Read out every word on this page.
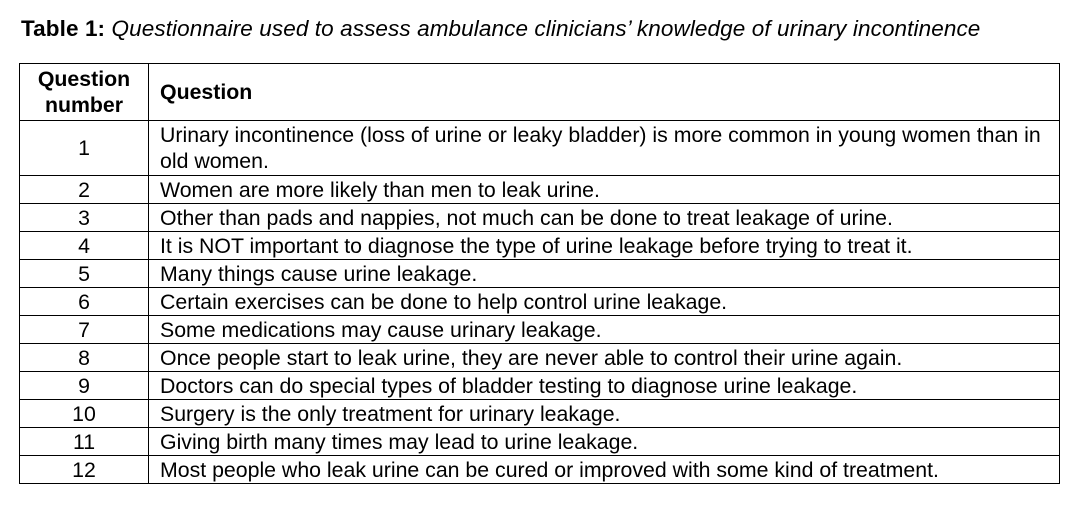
Table 1: Questionnaire used to assess ambulance clinicians’ knowledge of urinary incontinence
Question
number	Question
1	Urinary incontinence (loss of urine or leaky bladder) is more common in young women than in old women.
2	Women are more likely than men to leak urine.
3	Other than pads and nappies, not much can be done to treat leakage of urine.
4	It is NOT important to diagnose the type of urine leakage before trying to treat it.
5	Many things cause urine leakage.
6	Certain exercises can be done to help control urine leakage.
7	Some medications may cause urinary leakage.
8	Once people start to leak urine, they are never able to control their urine again.
9	Doctors can do special types of bladder testing to diagnose urine leakage.
10	Surgery is the only treatment for urinary leakage.
11	Giving birth many times may lead to urine leakage.
12	Most people who leak urine can be cured or improved with some kind of treatment.
